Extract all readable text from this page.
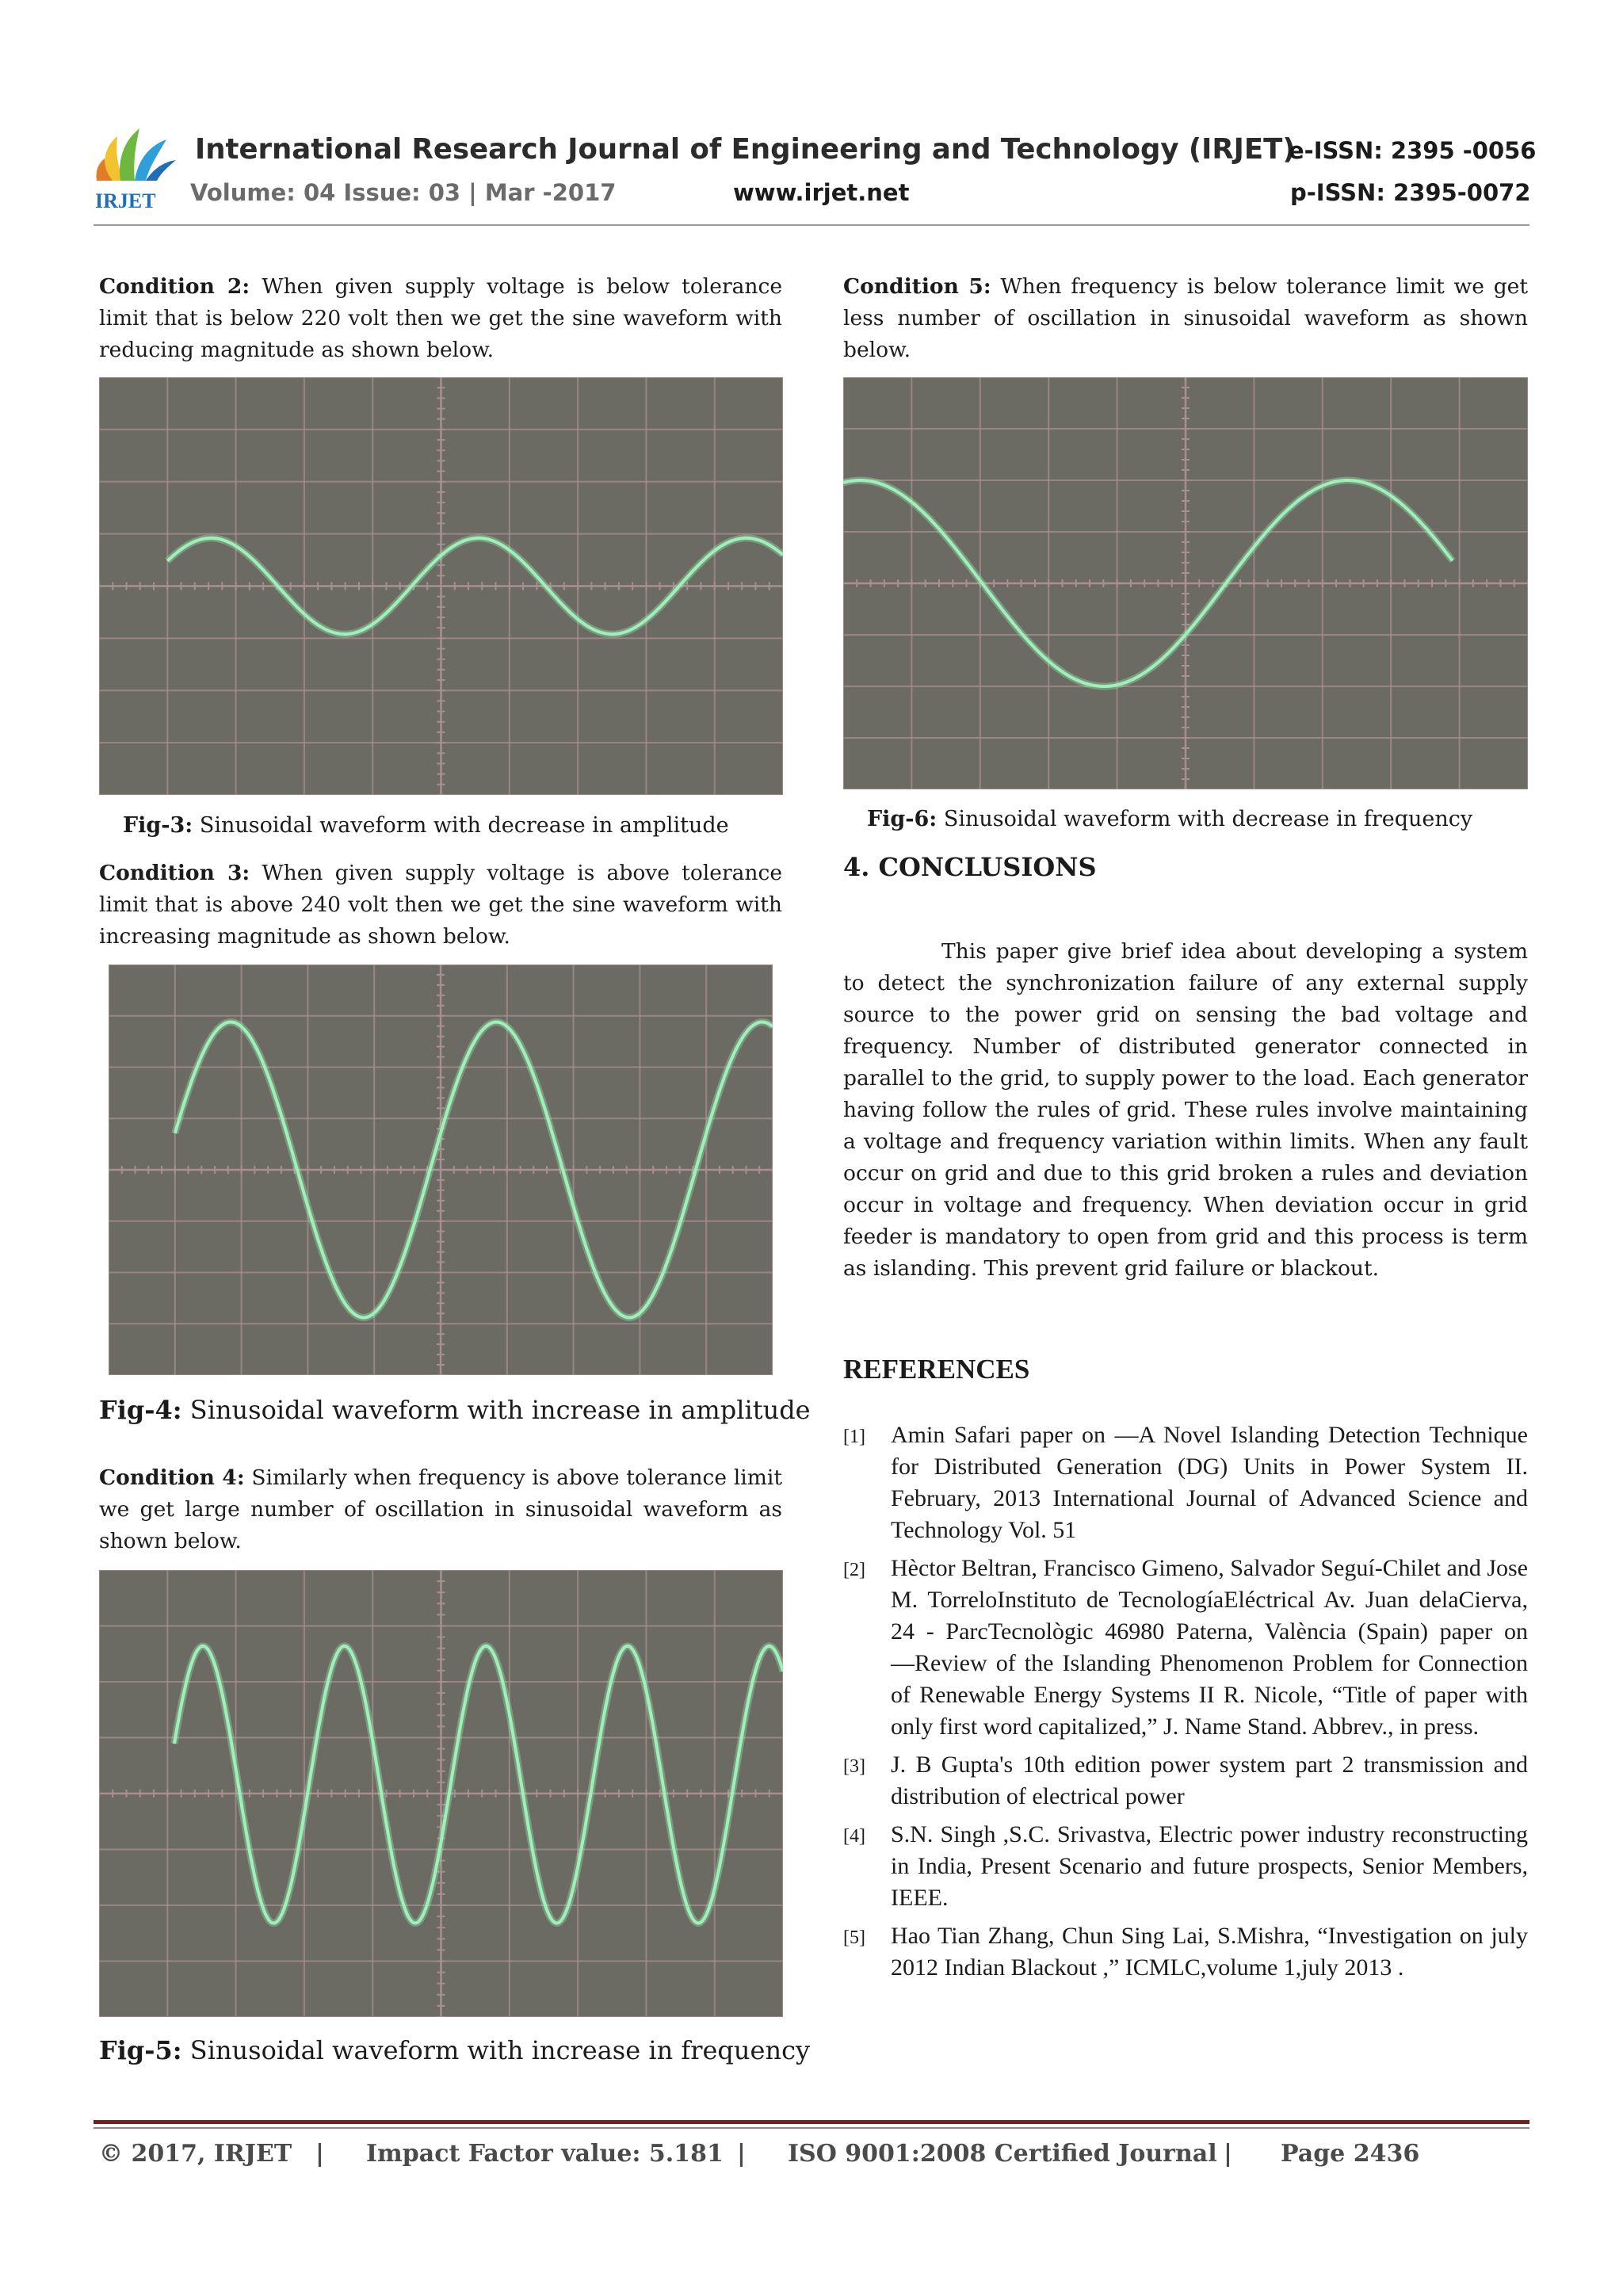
IRJET
International Research Journal of Engineering and Technology (IRJET)
e-ISSN: 2395 -0056
Volume: 04 Issue: 03 | Mar -2017	www.irjet.net	p-ISSN: 2395-0072
Condition 2: When given supply voltage is below tolerance limit that is below 220 volt then we get the sine waveform with reducing magnitude as shown below.
Fig-3: Sinusoidal waveform with decrease in amplitude
Condition 3: When given supply voltage is above tolerance limit that is above 240 volt then we get the sine waveform with increasing magnitude as shown below.
Fig-4: Sinusoidal waveform with increase in amplitude
Condition 4: Similarly when frequency is above tolerance limit we get large number of oscillation in sinusoidal waveform as shown below.
Fig-5: Sinusoidal waveform with increase in frequency
Condition 5: When frequency is below tolerance limit we get less number of oscillation in sinusoidal waveform as shown below.
Fig-6: Sinusoidal waveform with decrease in frequency
4. CONCLUSIONS
This paper give brief idea about developing a system to detect the synchronization failure of any external supply source to the power grid on sensing the bad voltage and frequency. Number of distributed generator connected in parallel to the grid, to supply power to the load. Each generator having follow the rules of grid. These rules involve maintaining a voltage and frequency variation within limits. When any fault occur on grid and due to this grid broken a rules and deviation occur in voltage and frequency. When deviation occur in grid feeder is mandatory to open from grid and this process is term as islanding. This prevent grid failure or blackout.
REFERENCES
[1] Amin Safari paper on ―A Novel Islanding Detection Technique for Distributed Generation (DG) Units in Power System II. February, 2013 International Journal of Advanced Science and Technology Vol. 51
[2] Hèctor Beltran, Francisco Gimeno, Salvador Seguí-Chilet and Jose M. TorreloInstituto de TecnologíaEléctrical Av. Juan delaCierva, 24 - ParcTecnològic 46980 Paterna, València (Spain) paper on ―Review of the Islanding Phenomenon Problem for Connection of Renewable Energy Systems II R. Nicole, “Title of paper with only first word capitalized,” J. Name Stand. Abbrev., in press.
[3] J. B Gupta's 10th edition power system part 2 transmission and distribution of electrical power
[4] S.N. Singh ,S.C. Srivastva, Electric power industry reconstructing in India, Present Scenario and future prospects, Senior Members, IEEE.
[5] Hao Tian Zhang, Chun Sing Lai, S.Mishra, “Investigation on july 2012 Indian Blackout ,” ICMLC,volume 1,july 2013 .
© 2017, IRJET | Impact Factor value: 5.181 | ISO 9001:2008 Certified Journal | Page 2436
